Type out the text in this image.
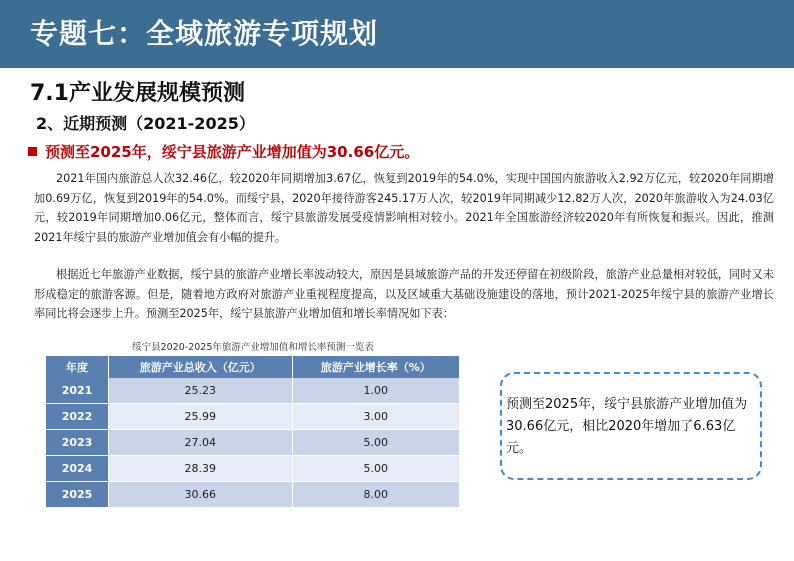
专题七：全域旅游专项规划
7.1产业发展规模预测
2、近期预测（2021-2025）
预测至2025年，绥宁县旅游产业增加值为30.66亿元。
2021年国内旅游总人次32.46亿，较2020年同期增加3.67亿，恢复到2019年的54.0%，实现中国国内旅游收入2.92万亿元，较2020年同期增加0.69万亿，恢复到2019年的54.0%。而绥宁县，2020年接待游客245.17万人次，较2019年同期减少12.82万人次，2020年旅游收入为24.03亿元，较2019年同期增加0.06亿元，整体而言，绥宁县旅游发展受疫情影响相对较小。2021年全国旅游经济较2020年有所恢复和振兴。因此，推测2021年绥宁县的旅游产业增加值会有小幅的提升。
根据近七年旅游产业数据，绥宁县的旅游产业增长率波动较大，原因是县域旅游产品的开发还停留在初级阶段，旅游产业总量相对较低，同时又未形成稳定的旅游客源。但是，随着地方政府对旅游产业重视程度提高，以及区域重大基础设施建设的落地，预计2021-2025年绥宁县的旅游产业增长率同比将会逐步上升。预测至2025年，绥宁县旅游产业增加值和增长率情况如下表：
绥宁县2020-2025年旅游产业增加值和增长率预测一览表
年度	旅游产业总收入（亿元）	旅游产业增长率（%）
2021	25.23	1.00
2022	25.99	3.00
2023	27.04	5.00
2024	28.39	5.00
2025	30.66	8.00
预测至2025年，绥宁县旅游产业增加值为30.66亿元，相比2020年增加了6.63亿元。
